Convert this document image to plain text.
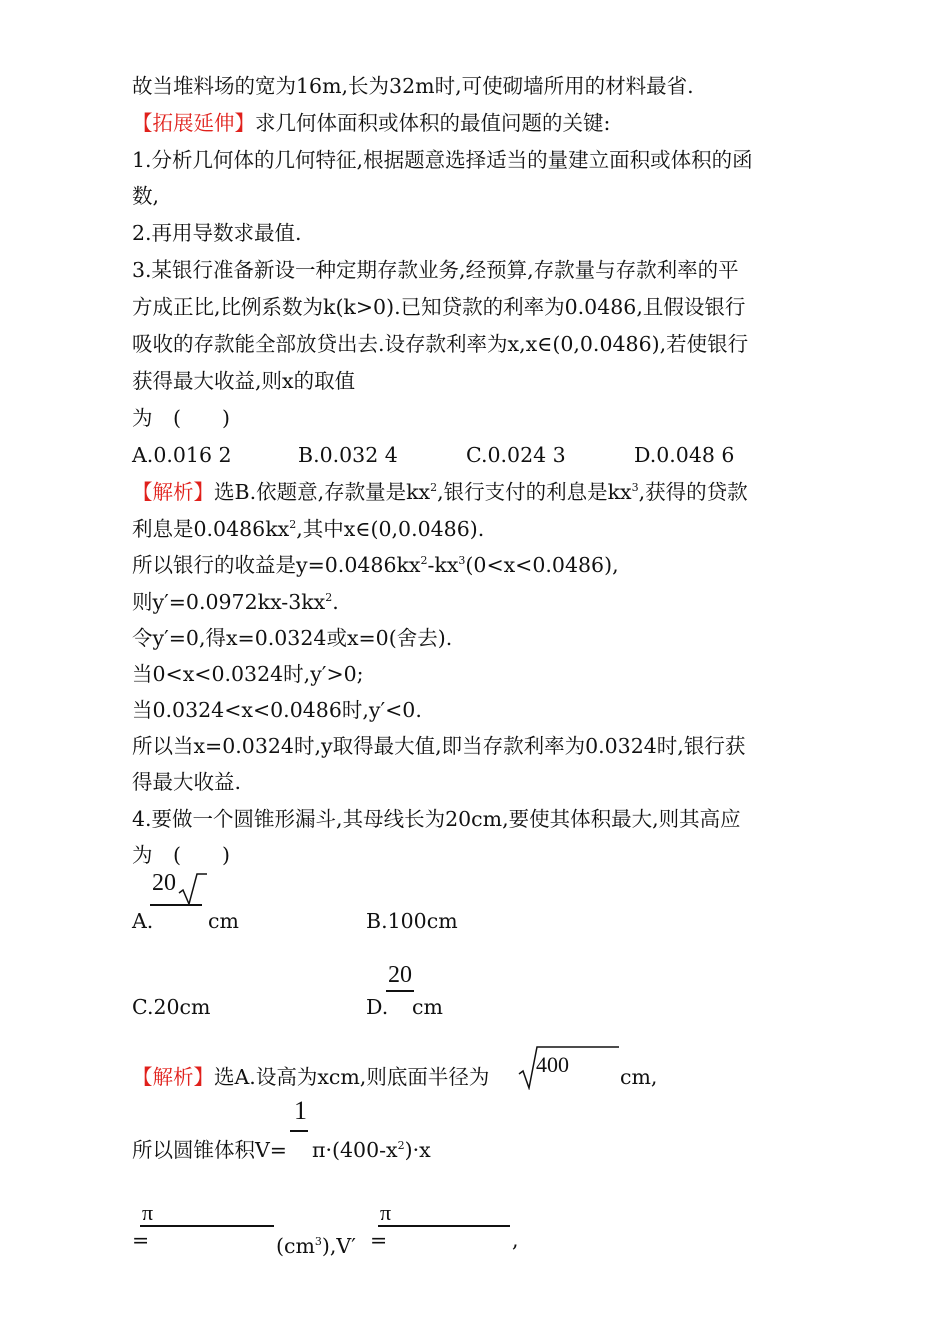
故当堆料场的宽为16m,长为32m时,可使砌墙所用的材料最省.
【拓展延伸】求几何体面积或体积的最值问题的关键:
1.分析几何体的几何特征,根据题意选择适当的量建立面积或体积的函
数,
2.再用导数求最值.
3.某银行准备新设一种定期存款业务,经预算,存款量与存款利率的平
方成正比,比例系数为k(k>0).已知贷款的利率为0.0486,且假设银行
吸收的存款能全部放贷出去.设存款利率为x,x∈(0,0.0486),若使银行
获得最大收益,则x的取值
为　(　　)
A.0.016 2	B.0.032 4	C.0.024 3	D.0.048 6
【解析】选B.依题意,存款量是$kx^2$,银行支付的利息是$kx^3$,获得的贷款
利息是$0.0486kx^2$,其中x∈(0,0.0486).
所以银行的收益是$y=0.0486kx^2-kx^3(0<x<0.0486)$,
则$y'=0.0972kx-3kx^2$.
令y′=0,得x=0.0324或x=0(舍去).
当0<x<0.0324时,y′>0;
当0.0324<x<0.0486时,y′<0.
所以当x=0.0324时,y取得最大值,即当存款利率为0.0324时,银行获
得最大收益.
4.要做一个圆锥形漏斗,其母线长为20cm,要使其体积最大,则其高应
为　(　　)
20
A.	cm	B.100cm
20
C.20cm	D. cm
【解析】选A.设高为xcm,则底面半径为 400 cm,
1
所以圆锥体积$V= \pi\cdot(400-x^2)\cdot x$
π
=	$(cm^3),V'$
π
=	,
